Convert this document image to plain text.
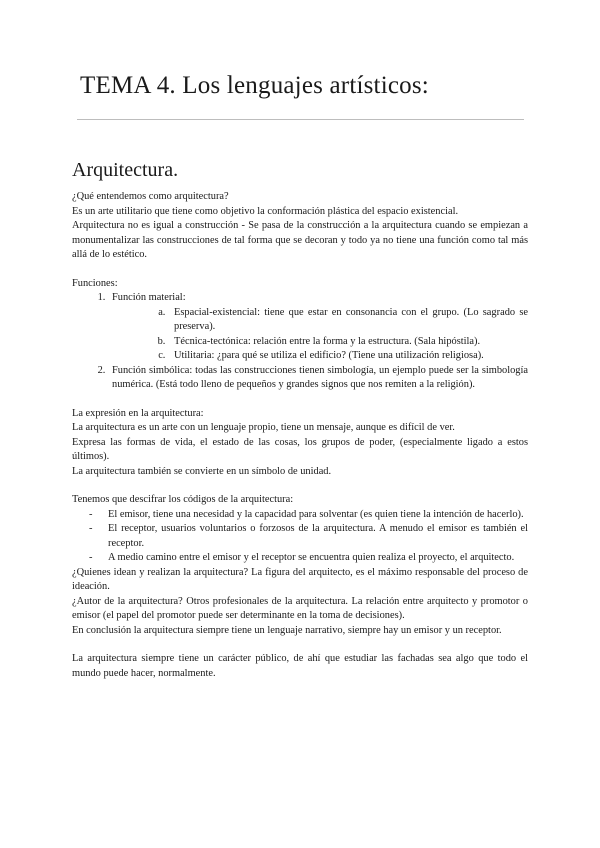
TEMA 4. Los lenguajes artísticos:
Arquitectura.

¿Qué entendemos como arquitectura?

Es un arte utilitario que tiene como objetivo la conformación plástica del espacio existencial.

Arquitectura no es igual a construcción - Se pasa de la construcción a la arquitectura cuando se empiezan a monumentalizar las construcciones de tal forma que se decoran y todo ya no tiene una función como tal más allá de lo estético.

Funciones:

1. Función material:
a. Espacial-existencial: tiene que estar en consonancia con el grupo. (Lo sagrado se preserva).
b. Técnica-tectónica: relación entre la forma y la estructura. (Sala hipóstila).
c. Utilitaria: ¿para qué se utiliza el edificio? (Tiene una utilización religiosa).
2. Función simbólica: todas las construcciones tienen simbología, un ejemplo puede ser la simbología numérica. (Está todo lleno de pequeños y grandes signos que nos remiten a la religión).

La expresión en la arquitectura:

La arquitectura es un arte con un lenguaje propio, tiene un mensaje, aunque es difícil de ver.

Expresa las formas de vida, el estado de las cosas, los grupos de poder, (especialmente ligado a estos últimos).

La arquitectura también se convierte en un símbolo de unidad.

Tenemos que descifrar los códigos de la arquitectura:

- El emisor, tiene una necesidad y la capacidad para solventar (es quien tiene la intención de hacerlo).
- El receptor, usuarios voluntarios o forzosos de la arquitectura. A menudo el emisor es también el receptor.
- A medio camino entre el emisor y el receptor se encuentra quien realiza el proyecto, el arquitecto.

¿Quienes idean y realizan la arquitectura? La figura del arquitecto, es el máximo responsable del proceso de ideación.

¿Autor de la arquitectura? Otros profesionales de la arquitectura. La relación entre arquitecto y promotor o emisor (el papel del promotor puede ser determinante en la toma de decisiones).

En conclusión la arquitectura siempre tiene un lenguaje narrativo, siempre hay un emisor y un receptor.

La arquitectura siempre tiene un carácter público, de ahí que estudiar las fachadas sea algo que todo el mundo puede hacer, normalmente.
